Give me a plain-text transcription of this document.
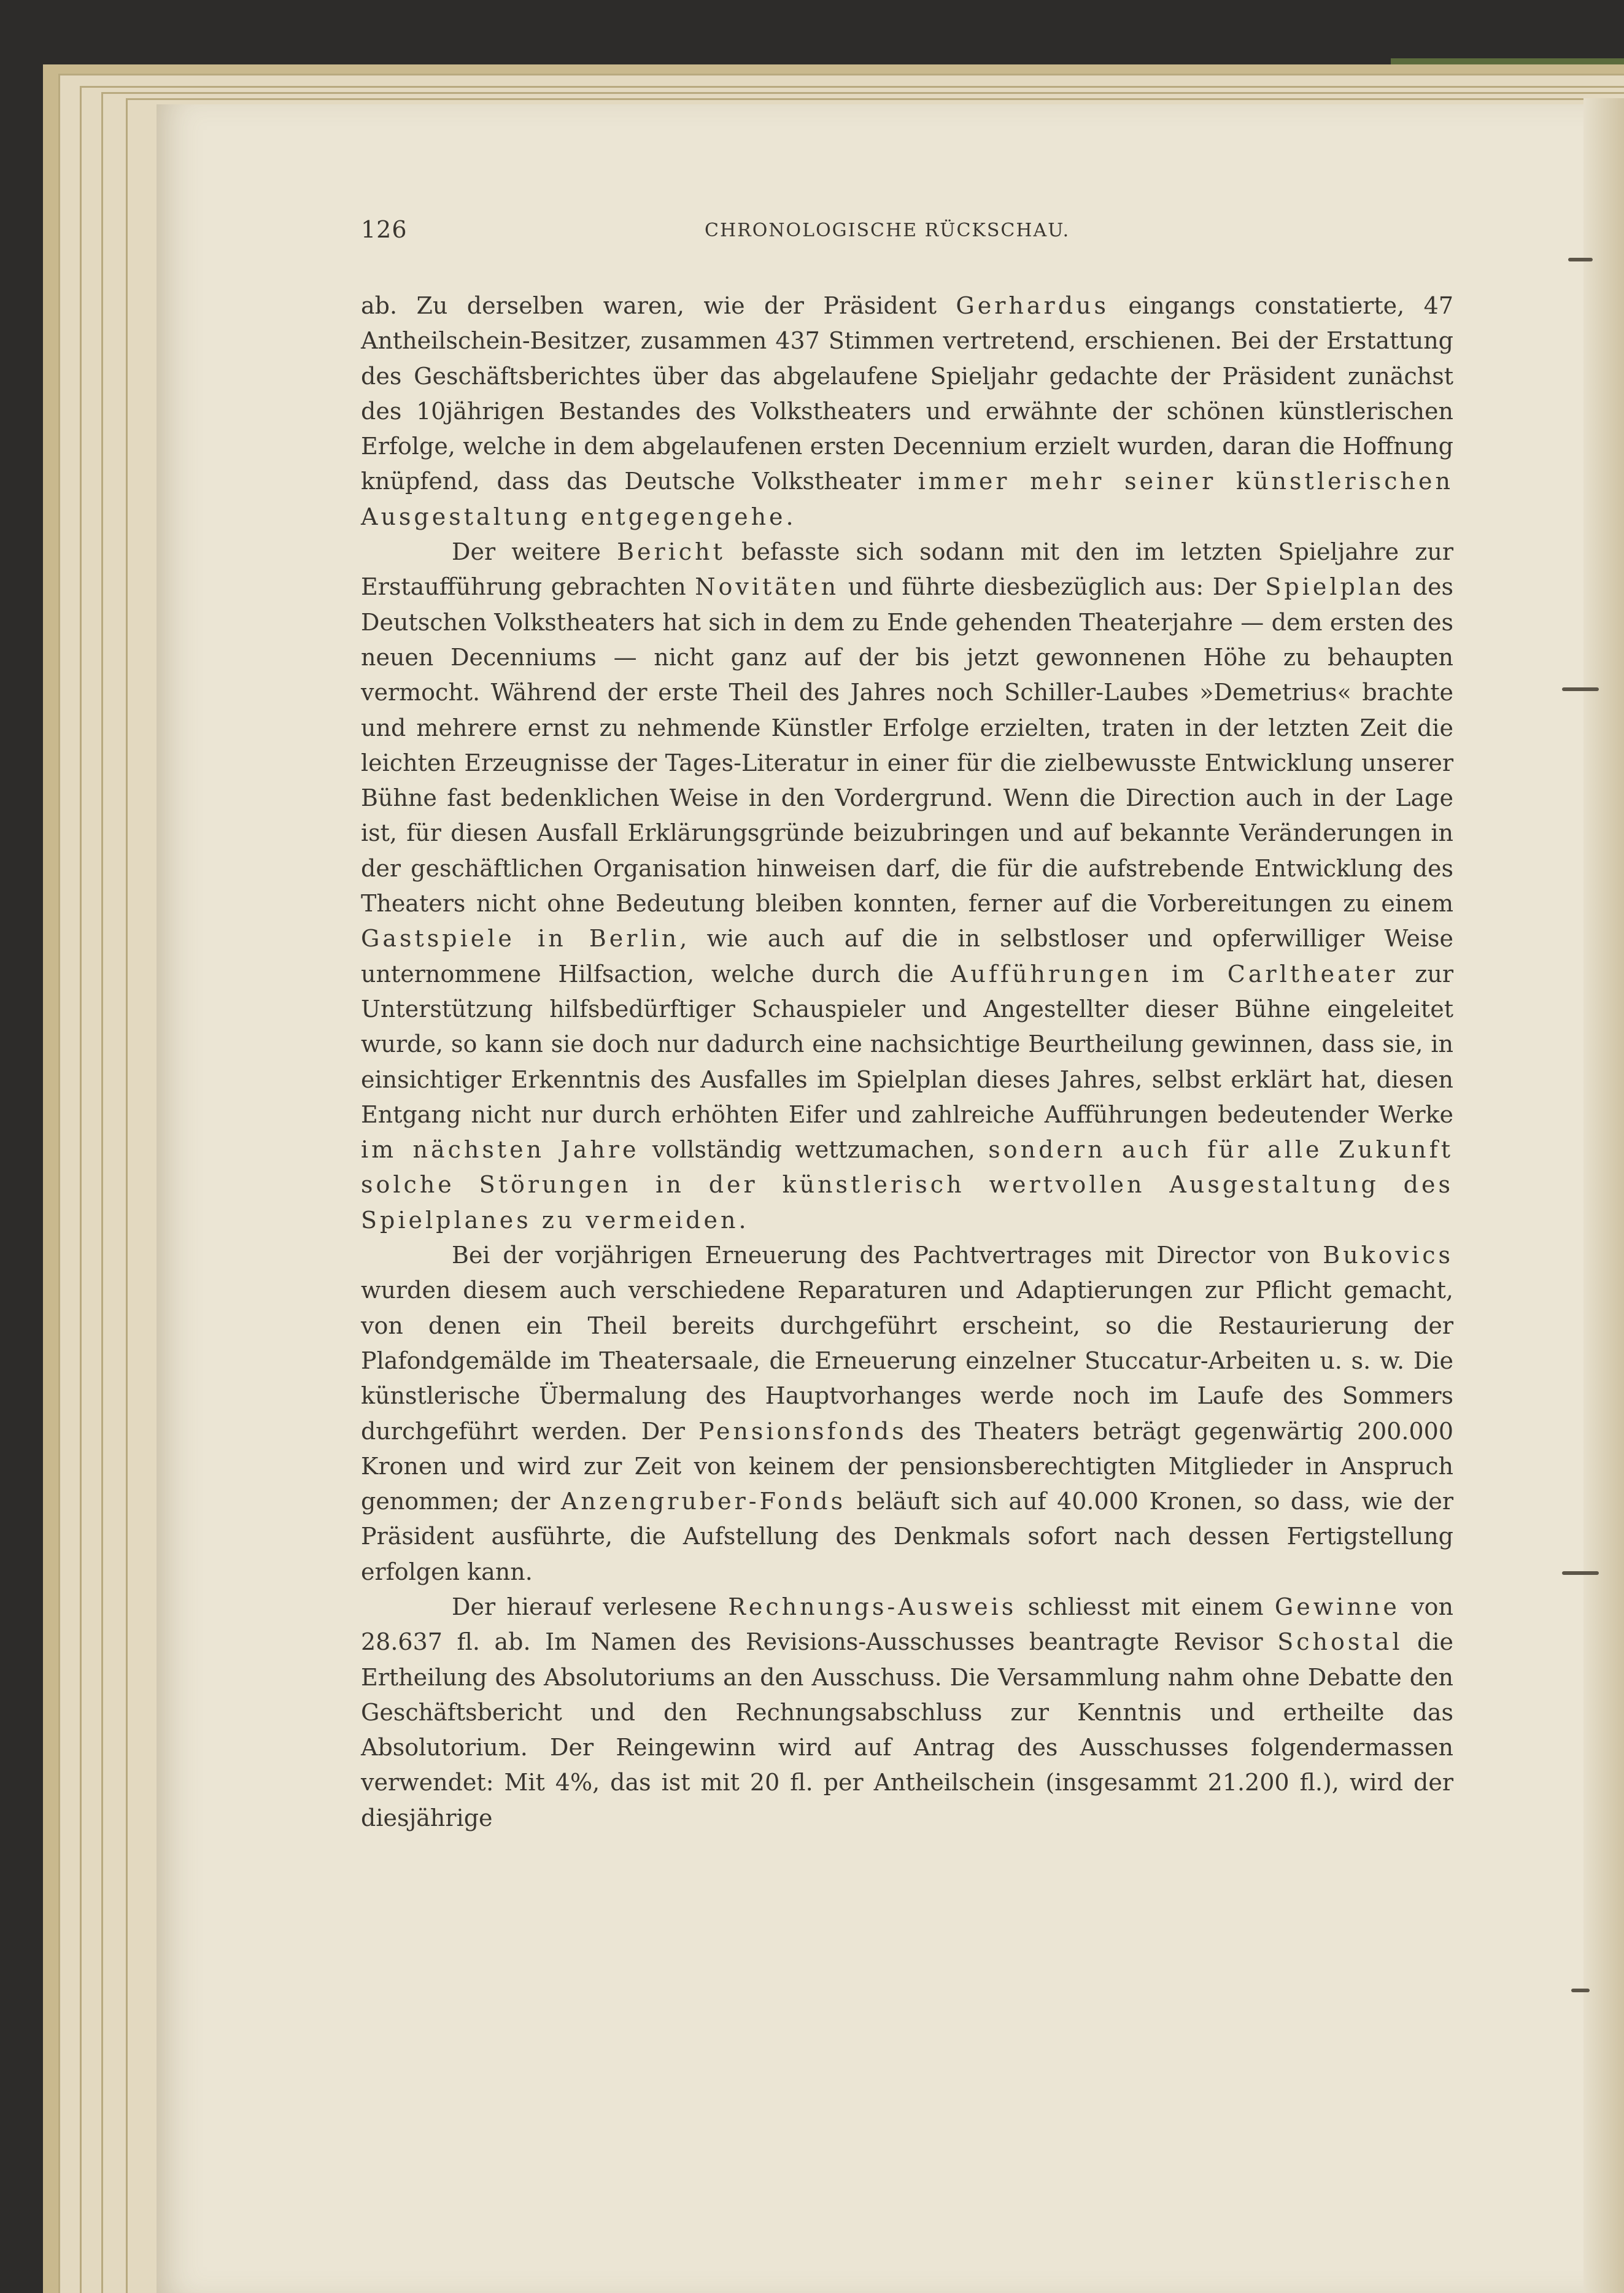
126	CHRONOLOGISCHE RÜCKSCHAU.

ab. Zu derselben waren, wie der Präsident Gerhardus eingangs constatierte, 47 Antheilschein-Besitzer, zusammen 437 Stimmen vertretend, erschienen. Bei der Erstattung des Geschäftsberichtes über das abgelaufene Spieljahr gedachte der Präsident zunächst des 10jährigen Bestandes des Volkstheaters und erwähnte der schönen künstlerischen Erfolge, welche in dem abgelaufenen ersten Decennium erzielt wurden, daran die Hoffnung knüpfend, dass das Deutsche Volkstheater immer mehr seiner künstlerischen Ausgestaltung entgegengehe.

Der weitere Bericht befasste sich sodann mit den im letzten Spieljahre zur Erstaufführung gebrachten Novitäten und führte diesbezüglich aus: Der Spielplan des Deutschen Volkstheaters hat sich in dem zu Ende gehenden Theaterjahre — dem ersten des neuen Decenniums — nicht ganz auf der bis jetzt gewonnenen Höhe zu behaupten vermocht. Während der erste Theil des Jahres noch Schiller-Laubes »Demetrius« brachte und mehrere ernst zu nehmende Künstler Erfolge erzielten, traten in der letzten Zeit die leichten Erzeugnisse der Tages-Literatur in einer für die zielbewusste Entwicklung unserer Bühne fast bedenklichen Weise in den Vordergrund. Wenn die Direction auch in der Lage ist, für diesen Ausfall Erklärungsgründe beizubringen und auf bekannte Veränderungen in der geschäftlichen Organisation hinweisen darf, die für die aufstrebende Entwicklung des Theaters nicht ohne Bedeutung bleiben konnten, ferner auf die Vorbereitungen zu einem Gastspiele in Berlin, wie auch auf die in selbstloser und opferwilliger Weise unternommene Hilfsaction, welche durch die Aufführungen im Carltheater zur Unterstützung hilfsbedürftiger Schauspieler und Angestellter dieser Bühne eingeleitet wurde, so kann sie doch nur dadurch eine nachsichtige Beurtheilung gewinnen, dass sie, in einsichtiger Erkenntnis des Ausfalles im Spielplan dieses Jahres, selbst erklärt hat, diesen Entgang nicht nur durch erhöhten Eifer und zahlreiche Aufführungen bedeutender Werke im nächsten Jahre vollständig wettzumachen, sondern auch für alle Zukunft solche Störungen in der künstlerisch wertvollen Ausgestaltung des Spielplanes zu vermeiden.

Bei der vorjährigen Erneuerung des Pachtvertrages mit Director von Bukovics wurden diesem auch verschiedene Reparaturen und Adaptierungen zur Pflicht gemacht, von denen ein Theil bereits durchgeführt erscheint, so die Restaurierung der Plafondgemälde im Theatersaale, die Erneuerung einzelner Stuccatur-Arbeiten u. s. w. Die künstlerische Übermalung des Hauptvorhanges werde noch im Laufe des Sommers durchgeführt werden. Der Pensionsfonds des Theaters beträgt gegenwärtig 200.000 Kronen und wird zur Zeit von keinem der pensionsberechtigten Mitglieder in Anspruch genommen; der Anzengruber-Fonds beläuft sich auf 40.000 Kronen, so dass, wie der Präsident ausführte, die Aufstellung des Denkmals sofort nach dessen Fertigstellung erfolgen kann.

Der hierauf verlesene Rechnungs-Ausweis schliesst mit einem Gewinne von 28.637 fl. ab. Im Namen des Revisions-Ausschusses beantragte Revisor Schostal die Ertheilung des Absolutoriums an den Ausschuss. Die Versammlung nahm ohne Debatte den Geschäftsbericht und den Rechnungsabschluss zur Kenntnis und ertheilte das Absolutorium. Der Reingewinn wird auf Antrag des Ausschusses folgendermassen verwendet: Mit 4%, das ist mit 20 fl. per Antheilschein (insgesammt 21.200 fl.), wird der diesjährige
